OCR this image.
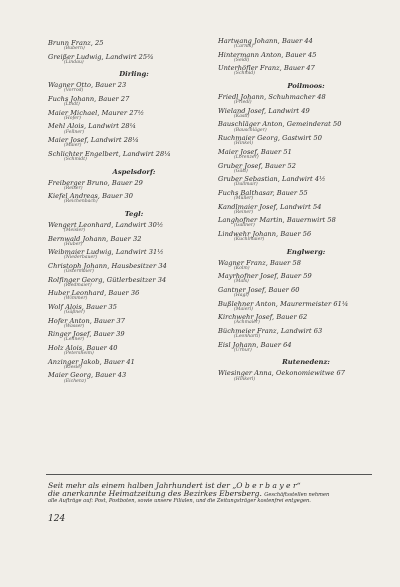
Brunn Franz, 25
(Bubern)
Greißer Ludwig, Landwirt 25¾
(Lindau)
Dirling:
Wagner Otto, Bauer 23
(Vorrod)
Fuchs Johann, Bauer 27
(Lindt)
Maier Michael, Maurer 27½
(Hofer)
Mehl Alois, Landwirt 28¼
(Fellner)
Maier Josef, Landwirt 28¼
(Maier)
Schlichter Engelbert, Landwirt 28¼
(Schmidt)
Aspelsdorf:
Freiberger Bruno, Bauer 29
(Reiser)
Kiefel Andreas, Bauer 30
(Reichenbach)
Tegl:
Wengert Leonhard, Landwirt 30½
(Meisler)
Bernwald Johann, Bauer 32
(Huber)
Weibmaier Ludwig, Landwirt 31½
(Niederbauer)
Christoph Johann, Hausbesitzer 34
(Ostermaier)
Rolfinger Georg, Gütlerbesitzer 34
(Riedmaier)
Huber Leonhard, Bauer 36
(Wimmer)
Wolf Alois, Bauer 35
(Gäßner)
Hofer Anton, Bauer 37
(Wasser)
Ringer Josef, Bauer 39
(Lehner)
Holz Alois, Bauer 40
(Petersheim)
Anzinger Jakob, Bauer 41
(Kieslé)
Maier Georg, Bauer 43
(Eichenz)
Hartwang Johann, Bauer 44
(Carnik)
Hintermann Anton, Bauer 45
(Seidl)
Unterhöfler Franz, Bauer 47
(Schmid)
Poilmoos:
Friedl Johann, Schuhmacher 48
(Friedl)
Wieland Josef, Landwirt 49
(Kastl)
Bauschläger Anton, Gemeinderat 50
(Bauschläger)
Ruchmaier Georg, Gastwirt 50
(Hinkel)
Maier Josef, Bauer 51
(Lorenzer)
Gruber Josef, Bauer 52
(Gäsl)
Gruber Sebastian, Landwirt 4½
(Dallmair)
Fuchs Balthasar, Bauer 55
(Müller)
Kandlmaier Josef, Landwirt 54
(Reiner)
Langhofner Martin, Bauernwirt 58
(Gallner)
Lindwehr Johann, Bauer 56
(Kuchlmaier)
Englwerg:
Wagner Franz, Bauer 58
(Kolm)
Mayrhofner Josef, Bauer 59
(Mais)
Gantner Josef, Bauer 60
(Hagl)
Bußlehner Anton, Maurermeister 61¼
(Maierl)
Kirchwehr Josef, Bauer 62
(Achmaier)
Büchmeier Franz, Landwirt 63
(Leonhartl)
Eisl Johann, Bauer 64
(Urhur)
Rutenedenz:
Wiesinger Anna, Oekonomiewitwe 67
(Hinkerl)
Seit mehr als einem halben Jahrhundert ist der „O b e r b a y e r“
die anerkannte Heimatzeitung des Bezirkes Ebersberg. Geschäftsstellen nehmen
alle Aufträge auf: Post, Postboten, sowie unsere Filialen, und die Zeitungsträger kostenfrei entgegen.
124
